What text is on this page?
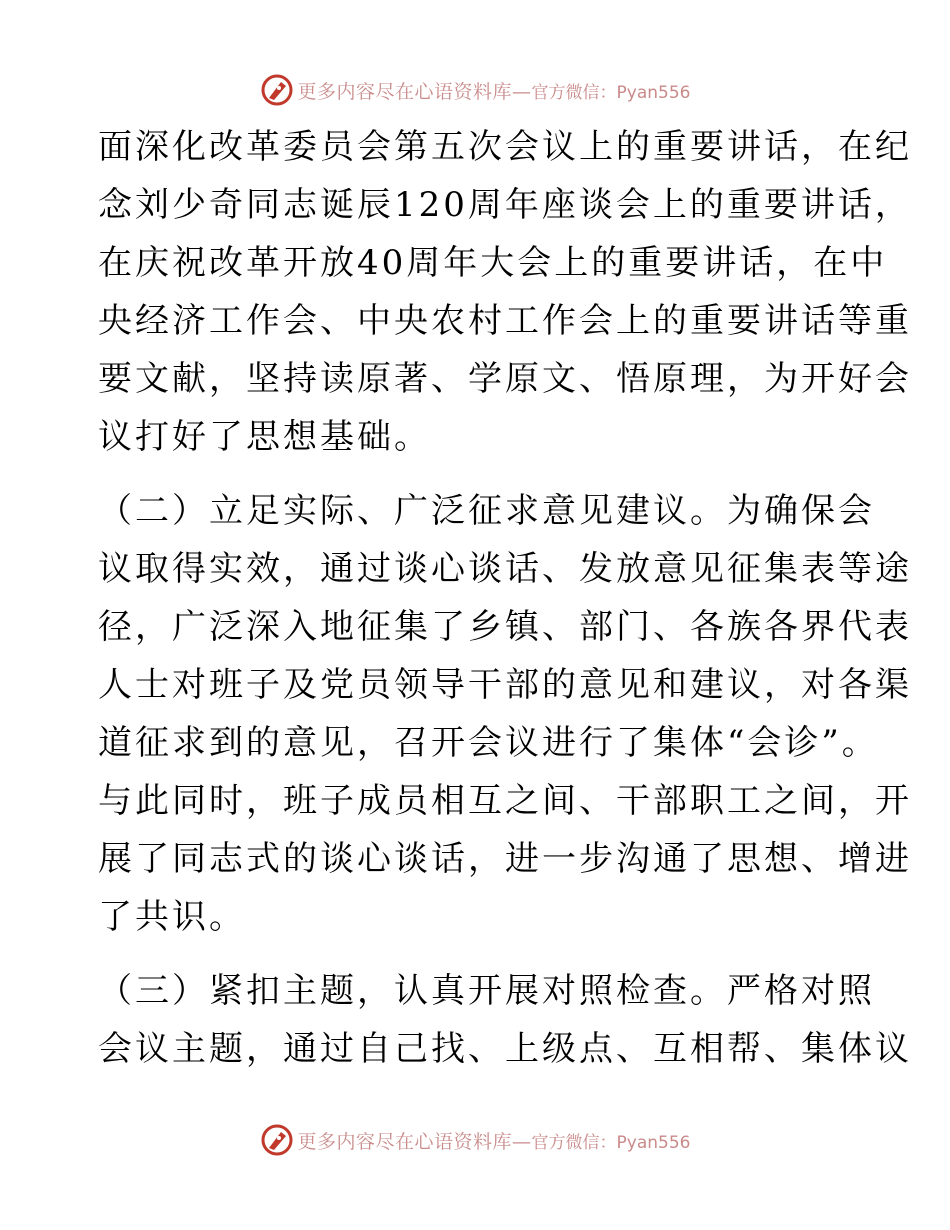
更多内容尽在心语资料库—官方微信：Pyan556

面深化改革委员会第五次会议上的重要讲话，在纪
念刘少奇同志诞辰120周年座谈会上的重要讲话，
在庆祝改革开放40周年大会上的重要讲话，在中
央经济工作会、中央农村工作会上的重要讲话等重
要文献，坚持读原著、学原文、悟原理，为开好会
议打好了思想基础。

（二）立足实际、广泛征求意见建议。为确保会
议取得实效，通过谈心谈话、发放意见征集表等途
径，广泛深入地征集了乡镇、部门、各族各界代表
人士对班子及党员领导干部的意见和建议，对各渠
道征求到的意见，召开会议进行了集体“会诊”。
与此同时，班子成员相互之间、干部职工之间，开
展了同志式的谈心谈话，进一步沟通了思想、增进
了共识。

（三）紧扣主题，认真开展对照检查。严格对照
会议主题，通过自己找、上级点、互相帮、集体议

更多内容尽在心语资料库—官方微信：Pyan556
